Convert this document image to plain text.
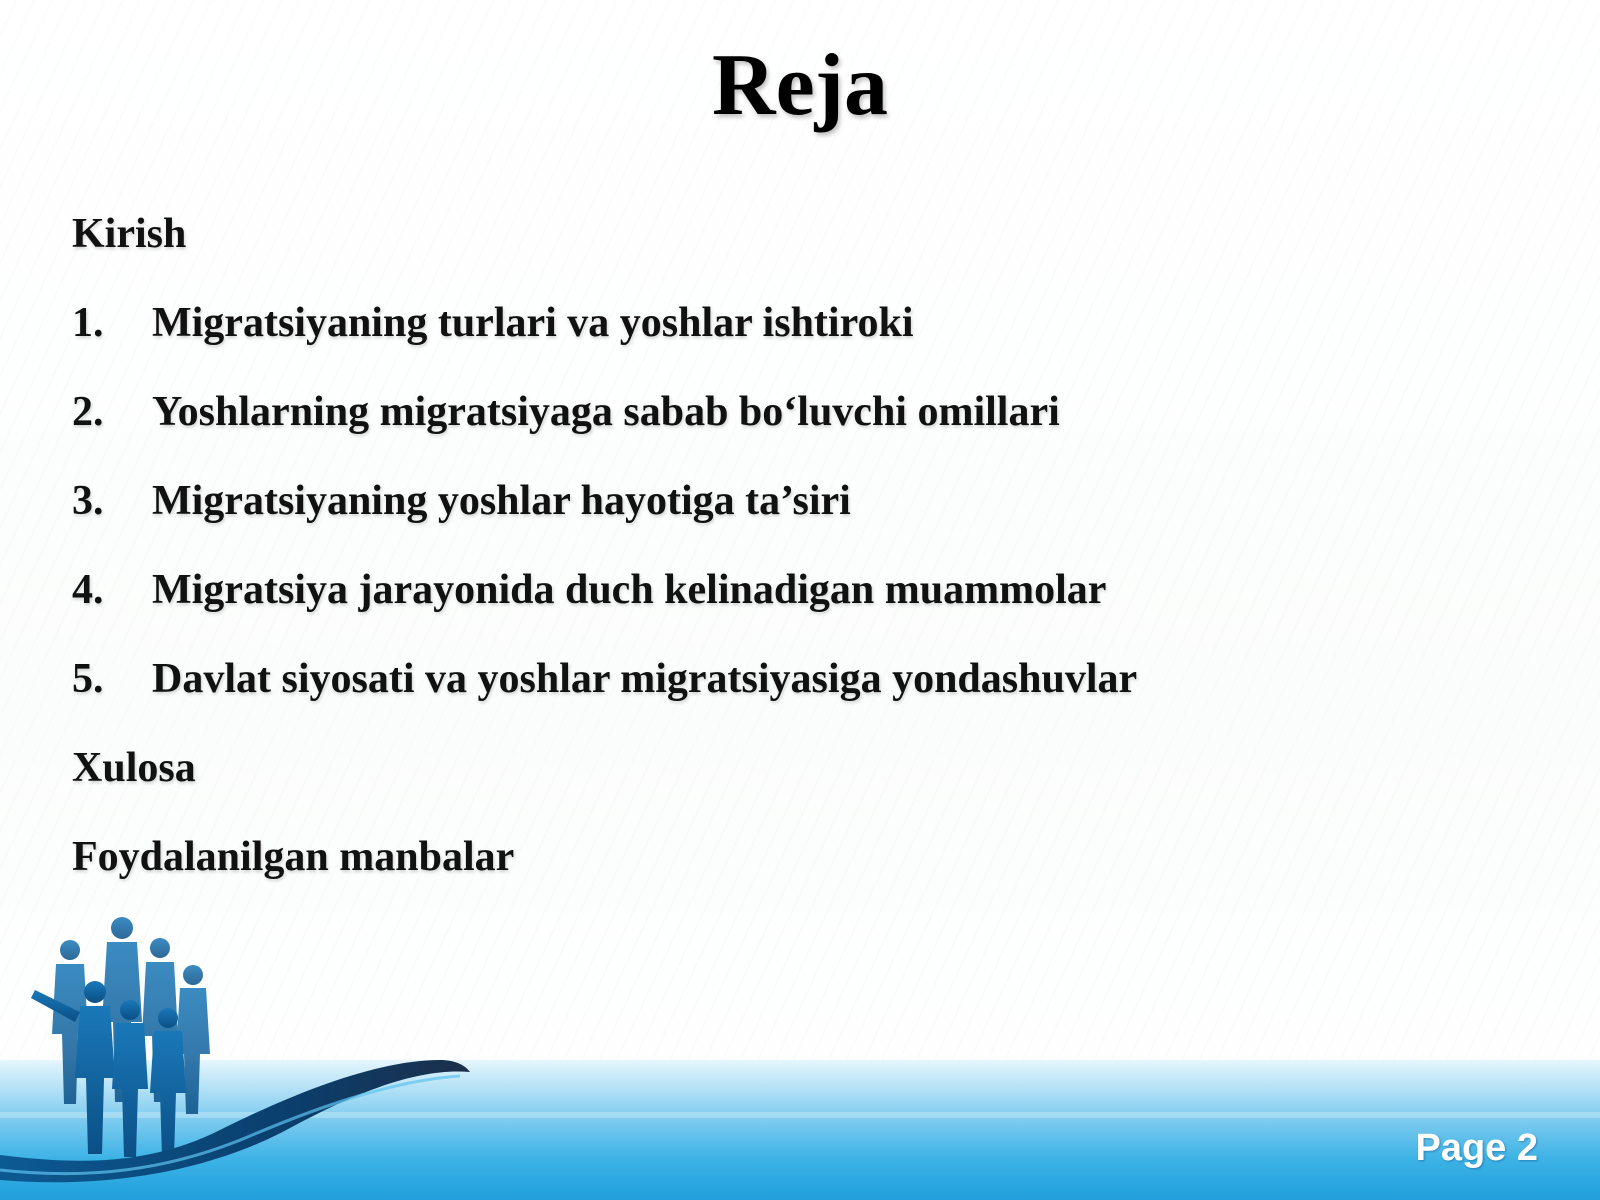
Reja
Kirish
1. Migratsiyaning turlari va yoshlar ishtiroki
2. Yoshlarning migratsiyaga sabab bo‘luvchi omillari
3. Migratsiyaning yoshlar hayotiga ta’siri
4. Migratsiya jarayonida duch kelinadigan muammolar
5. Davlat siyosati va yoshlar migratsiyasiga yondashuvlar
Xulosa
Foydalanilgan manbalar
Page 2
